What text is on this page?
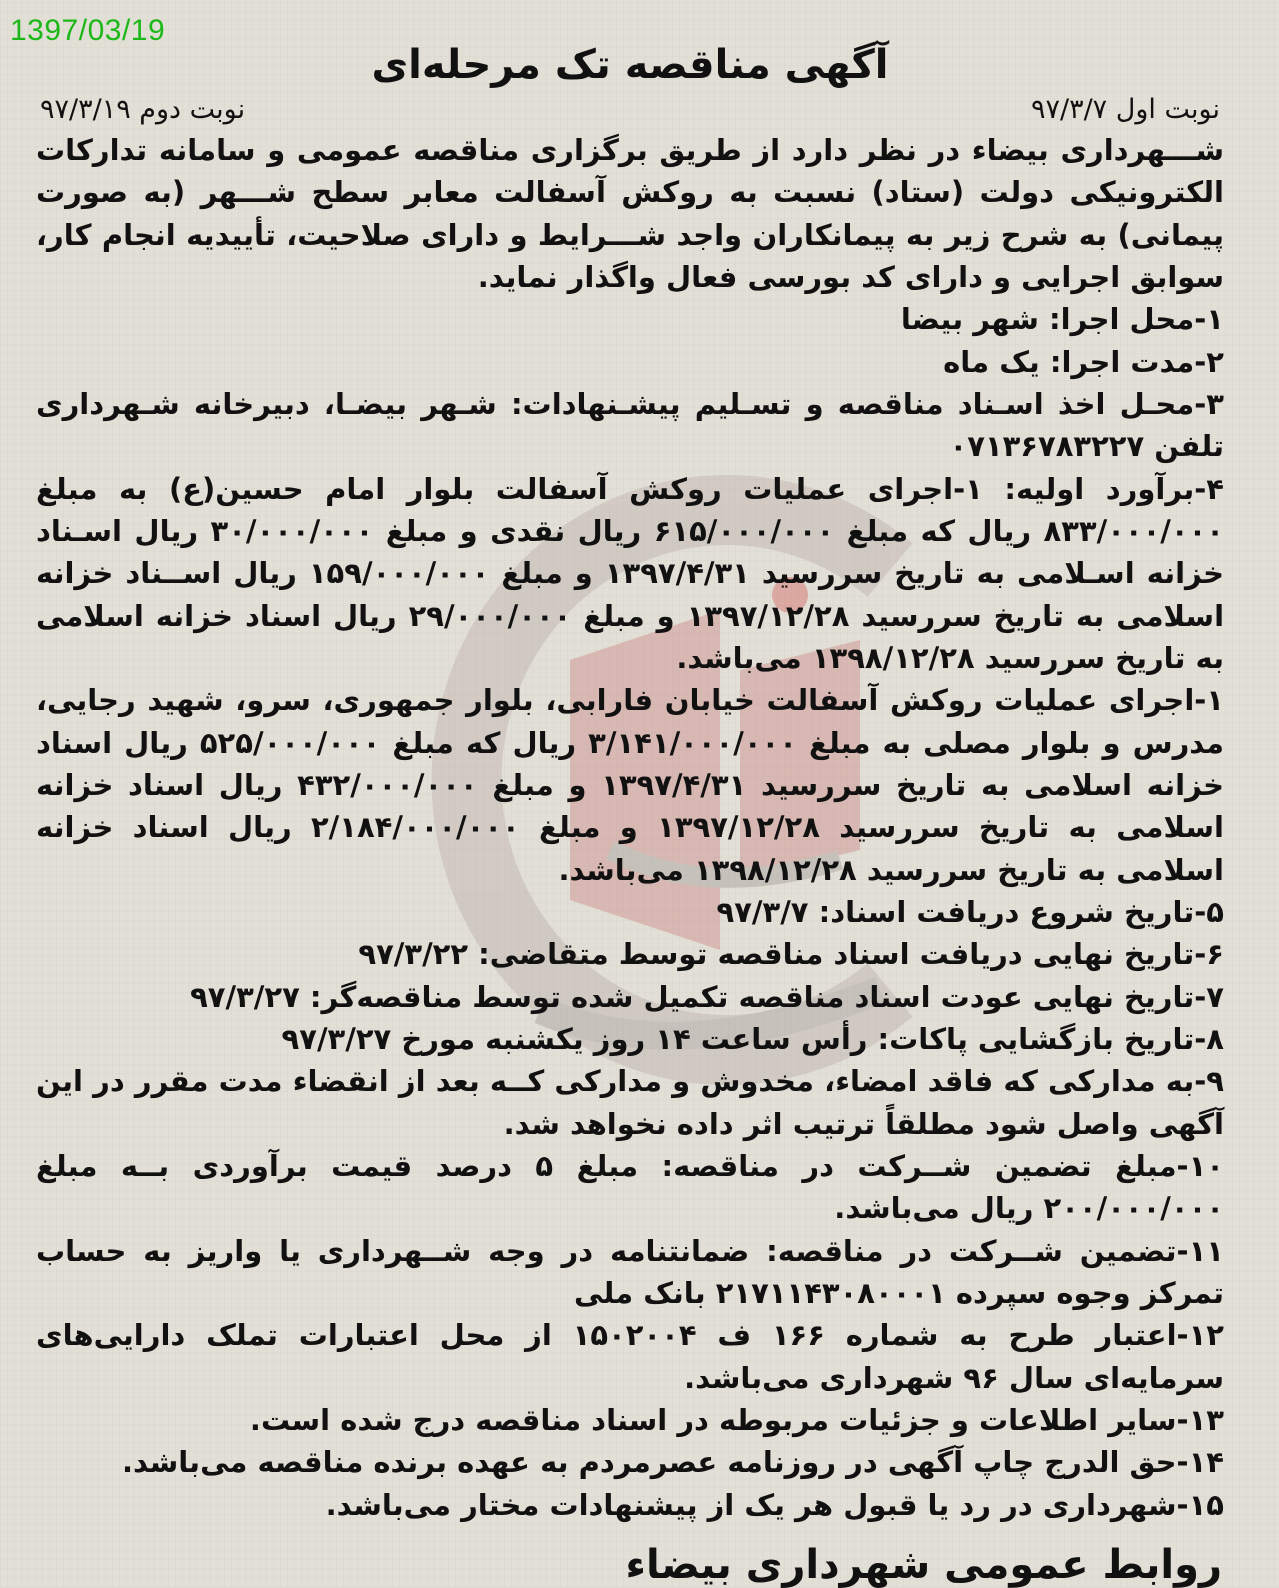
1397/03/19
آگهی مناقصه تک مرحله‌ای
نوبت اول ۹۷/۳/۷
نوبت دوم ۹۷/۳/۱۹

شـــهرداری بیضاء در نظر دارد از طریق برگزاری مناقصه عمومی و سامانه تدارکات الکترونیکی دولت (ستاد) نسبت به روکش آسفالت معابر سطح شـــهر (به صورت پیمانی) به شرح زیر به پیمانکاران واجد شـــرایط و دارای صلاحیت، تأییدیه انجام کار، سوابق اجرایی و دارای کد بورسی فعال واگذار نماید.

۱-محل اجرا: شهر بیضا

۲-مدت اجرا: یک ماه

۳-محـل اخذ اسـناد مناقصه و تسـلیم پیشـنهادات: شـهر بیضـا، دبیرخانه شـهرداری تلفن ۰۷۱۳۶۷۸۳۲۲۷

۴-برآورد اولیه: ۱-اجرای عملیات روکش آسفالت بلوار امام حسین(ع) به مبلغ ۸۳۳/۰۰۰/۰۰۰ ریال که مبلغ ۶۱۵/۰۰۰/۰۰۰ ریال نقدی و مبلغ ۳۰/۰۰۰/۰۰۰ ریال اسـناد خزانه اسـلامی به تاریخ سررسید ۱۳۹۷/۴/۳۱ و مبلغ ۱۵۹/۰۰۰/۰۰۰ ریال اســناد خزانه اسلامی به تاریخ سررسید ۱۳۹۷/۱۲/۲۸ و مبلغ ۲۹/۰۰۰/۰۰۰ ریال اسناد خزانه اسلامی به تاریخ سررسید ۱۳۹۸/۱۲/۲۸ می‌باشد.

۱-اجرای عملیات روکش آسفالت خیابان فارابی، بلوار جمهوری، سرو، شهید رجایی، مدرس و بلوار مصلی به مبلغ ۳/۱۴۱/۰۰۰/۰۰۰ ریال که مبلغ ۵۲۵/۰۰۰/۰۰۰ ریال اسناد خزانه اسلامی به تاریخ سررسید ۱۳۹۷/۴/۳۱ و مبلغ ۴۳۲/۰۰۰/۰۰۰ ریال اسناد خزانه اسلامی به تاریخ سررسید ۱۳۹۷/۱۲/۲۸ و مبلغ ۲/۱۸۴/۰۰۰/۰۰۰ ریال اسناد خزانه اسلامی به تاریخ سررسید ۱۳۹۸/۱۲/۲۸ می‌باشد.

۵-تاریخ شروع دریافت اسناد: ۹۷/۳/۷

۶-تاریخ نهایی دریافت اسناد مناقصه توسط متقاضی: ۹۷/۳/۲۲

۷-تاریخ نهایی عودت اسناد مناقصه تکمیل شده توسط مناقصه‌گر: ۹۷/۳/۲۷

۸-تاریخ بازگشایی پاکات: رأس ساعت ۱۴ روز یکشنبه مورخ ۹۷/۳/۲۷

۹-به مدارکی که فاقد امضاء، مخدوش و مدارکی کــه بعد از انقضاء مدت مقرر در این آگهی واصل شود مطلقاً ترتیب اثر داده نخواهد شد.

۱۰-مبلغ تضمین شــرکت در مناقصه: مبلغ ۵ درصد قیمت برآوردی بــه مبلغ ۲۰۰/۰۰۰/۰۰۰ ریال می‌باشد.

۱۱-تضمین شــرکت در مناقصه: ضمانتنامه در وجه شــهرداری یا واریز به حساب تمرکز وجوه سپرده ۲۱۷۱۱۴۳۰۸۰۰۰۱ بانک ملی

۱۲-اعتبار طرح به شماره ۱۶۶ ف ۱۵۰۲۰۰۴ از محل اعتبارات تملک دارایی‌های سرمایه‌ای سال ۹۶ شهرداری می‌باشد.

۱۳-سایر اطلاعات و جزئیات مربوطه در اسناد مناقصه درج شده است.

۱۴-حق الدرج چاپ آگهی در روزنامه عصرمردم به عهده برنده مناقصه می‌باشد.

۱۵-شهرداری در رد یا قبول هر یک از پیشنهادات مختار می‌باشد.

روابط عمومی شهرداری بیضاء
